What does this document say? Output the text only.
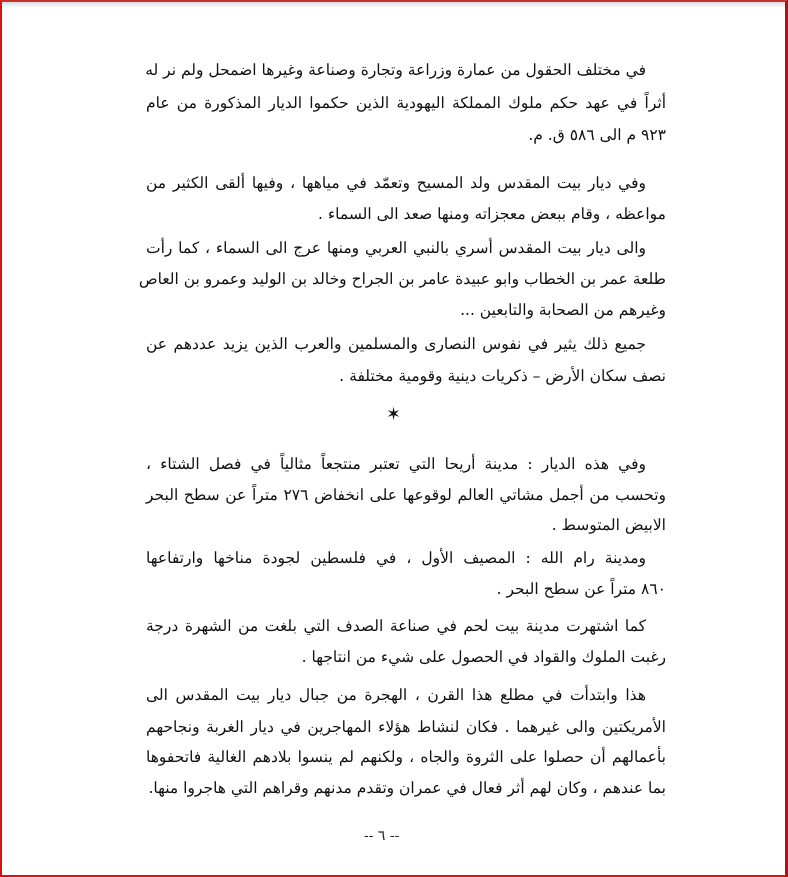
في مختلف الحقول من عمارة وزراعة وتجارة وصناعة وغيرها اضمحل ولم نر له
أثراً في عهد حكم ملوك المملكة اليهودية الذين حكموا الديار المذكورة من عام
٩٢٣ م الى ٥٨٦ ق. م.
وفي ديار بيت المقدس ولد المسيح وتعمّد في مياهها ، وفيها ألقى الكثير من
مواعظه ، وقام ببعض معجزاته ومنها صعد الى السماء .
والى ديار بيت المقدس أسري بالنبي العربي ومنها عرج الى السماء ، كما رأت
طلعة عمر بن الخطاب وابو عبيدة عامر بن الجراح وخالد بن الوليد وعمرو بن العاص
وغيرهم من الصحابة والتابعين ...
جميع ذلك يثير في نفوس النصارى والمسلمين والعرب الذين يزيد عددهم عن
نصف سكان الأرض – ذكريات دينية وقومية مختلفة .
وفي هذه الديار : مدينة أريحا التي تعتبر منتجعاً مثالياً في فصل الشتاء ،
وتحسب من أجمل مشاتي العالم لوقوعها على انخفاض ٢٧٦ متراً عن سطح البحر
الابيض المتوسط .
ومدينة رام الله : المصيف الأول ، في فلسطين لجودة مناخها وارتفاعها
٨٦٠ متراً عن سطح البحر .
كما اشتهرت مدينة بيت لحم في صناعة الصدف التي بلغت من الشهرة درجة
رغبت الملوك والقواد في الحصول على شيء من انتاجها .
هذا وابتدأت في مطلع هذا القرن ، الهجرة من جبال ديار بيت المقدس الى
الأمريكتين والى غيرهما . فكان لنشاط هؤلاء المهاجرين في ديار الغربة ونجاحهم
بأعمالهم أن حصلوا على الثروة والجاه ، ولكنهم لم ينسوا بلادهم الغالية فاتحفوها
بما عندهم ، وكان لهم أثر فعال في عمران وتقدم مدنهم وقراهم التي هاجروا منها.
✶
-- ٦ --
